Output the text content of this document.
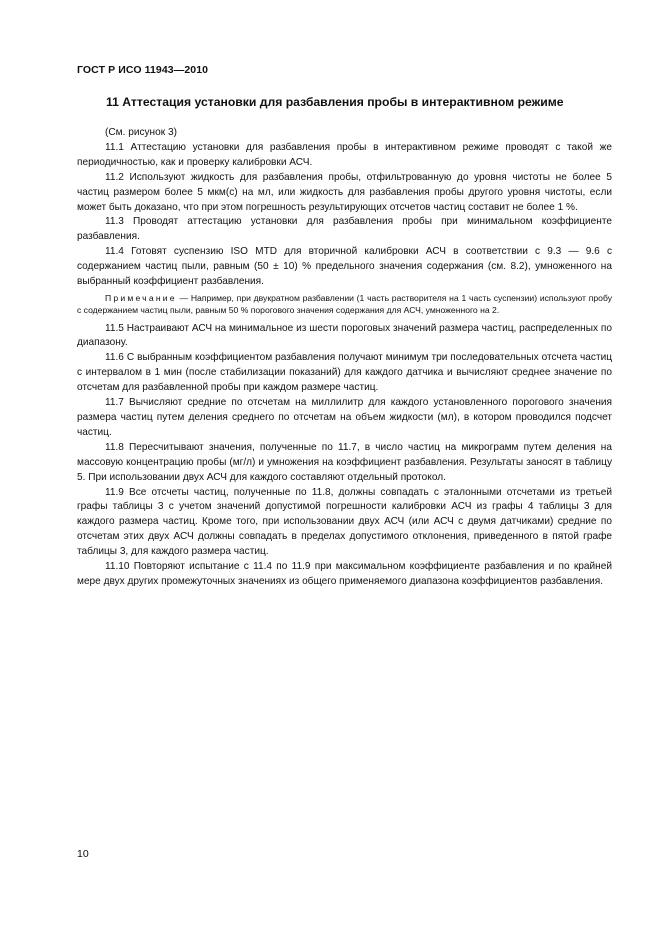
ГОСТ Р ИСО 11943—2010
11 Аттестация установки для разбавления пробы в интерактивном режиме

(См. рисунок 3)

11.1 Аттестацию установки для разбавления пробы в интерактивном режиме проводят с такой же периодичностью, как и проверку калибровки АСЧ.

11.2 Используют жидкость для разбавления пробы, отфильтрованную до уровня чистоты не более 5 частиц размером более 5 мкм(с) на мл, или жидкость для разбавления пробы другого уровня чистоты, если может быть доказано, что при этом погрешность результирующих отсчетов частиц составит не более 1 %.

11.3 Проводят аттестацию установки для разбавления пробы при минимальном коэффициенте разбавления.

11.4 Готовят суспензию ISO MTD для вторичной калибровки АСЧ в соответствии с 9.3 — 9.6 с содержанием частиц пыли, равным (50 ± 10) % предельного значения содержания (см. 8.2), умноженного на выбранный коэффициент разбавления.

Примечание — Например, при двукратном разбавлении (1 часть растворителя на 1 часть суспензии) используют пробу с содержанием частиц пыли, равным 50 % порогового значения содержания для АСЧ, умноженного на 2.

11.5 Настраивают АСЧ на минимальное из шести пороговых значений размера частиц, распределенных по диапазону.

11.6 С выбранным коэффициентом разбавления получают минимум три последовательных отсчета частиц с интервалом в 1 мин (после стабилизации показаний) для каждого датчика и вычисляют среднее значение по отсчетам для разбавленной пробы при каждом размере частиц.

11.7 Вычисляют средние по отсчетам на миллилитр для каждого установленного порогового значения размера частиц путем деления среднего по отсчетам на объем жидкости (мл), в котором проводился подсчет частиц.

11.8 Пересчитывают значения, полученные по 11.7, в число частиц на микрограмм путем деления на массовую концентрацию пробы (мг/л) и умножения на коэффициент разбавления. Результаты заносят в таблицу 5. При использовании двух АСЧ для каждого составляют отдельный протокол.

11.9 Все отсчеты частиц, полученные по 11.8, должны совпадать с эталонными отсчетами из третьей графы таблицы 3 с учетом значений допустимой погрешности калибровки АСЧ из графы 4 таблицы 3 для каждого размера частиц. Кроме того, при использовании двух АСЧ (или АСЧ с двумя датчиками) средние по отсчетам этих двух АСЧ должны совпадать в пределах допустимого отклонения, приведенного в пятой графе таблицы 3, для каждого размера частиц.

11.10 Повторяют испытание с 11.4 по 11.9 при максимальном коэффициенте разбавления и по крайней мере двух других промежуточных значениях из общего применяемого диапазона коэффициентов разбавления.

10
